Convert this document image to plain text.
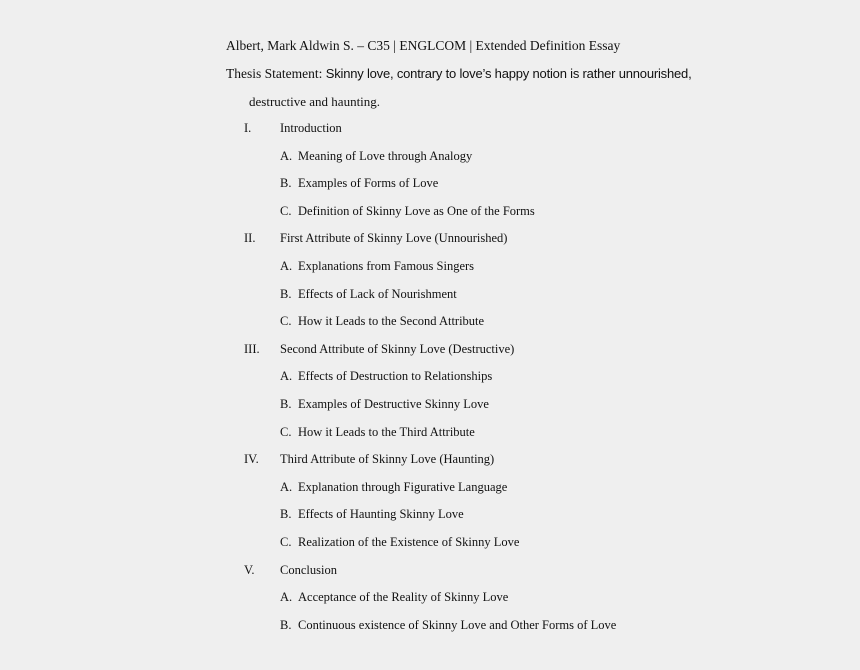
Albert, Mark Aldwin S. – C35 | ENGLCOM | Extended Definition Essay
Thesis Statement: Skinny love, contrary to love’s happy notion is rather unnourished,
destructive and haunting.
I. Introduction
A. Meaning of Love through Analogy
B. Examples of Forms of Love
C. Definition of Skinny Love as One of the Forms
II. First Attribute of Skinny Love (Unnourished)
A. Explanations from Famous Singers
B. Effects of Lack of Nourishment
C. How it Leads to the Second Attribute
III. Second Attribute of Skinny Love (Destructive)
A. Effects of Destruction to Relationships
B. Examples of Destructive Skinny Love
C. How it Leads to the Third Attribute
IV. Third Attribute of Skinny Love (Haunting)
A. Explanation through Figurative Language
B. Effects of Haunting Skinny Love
C. Realization of the Existence of Skinny Love
V. Conclusion
A. Acceptance of the Reality of Skinny Love
B. Continuous existence of Skinny Love and Other Forms of Love
